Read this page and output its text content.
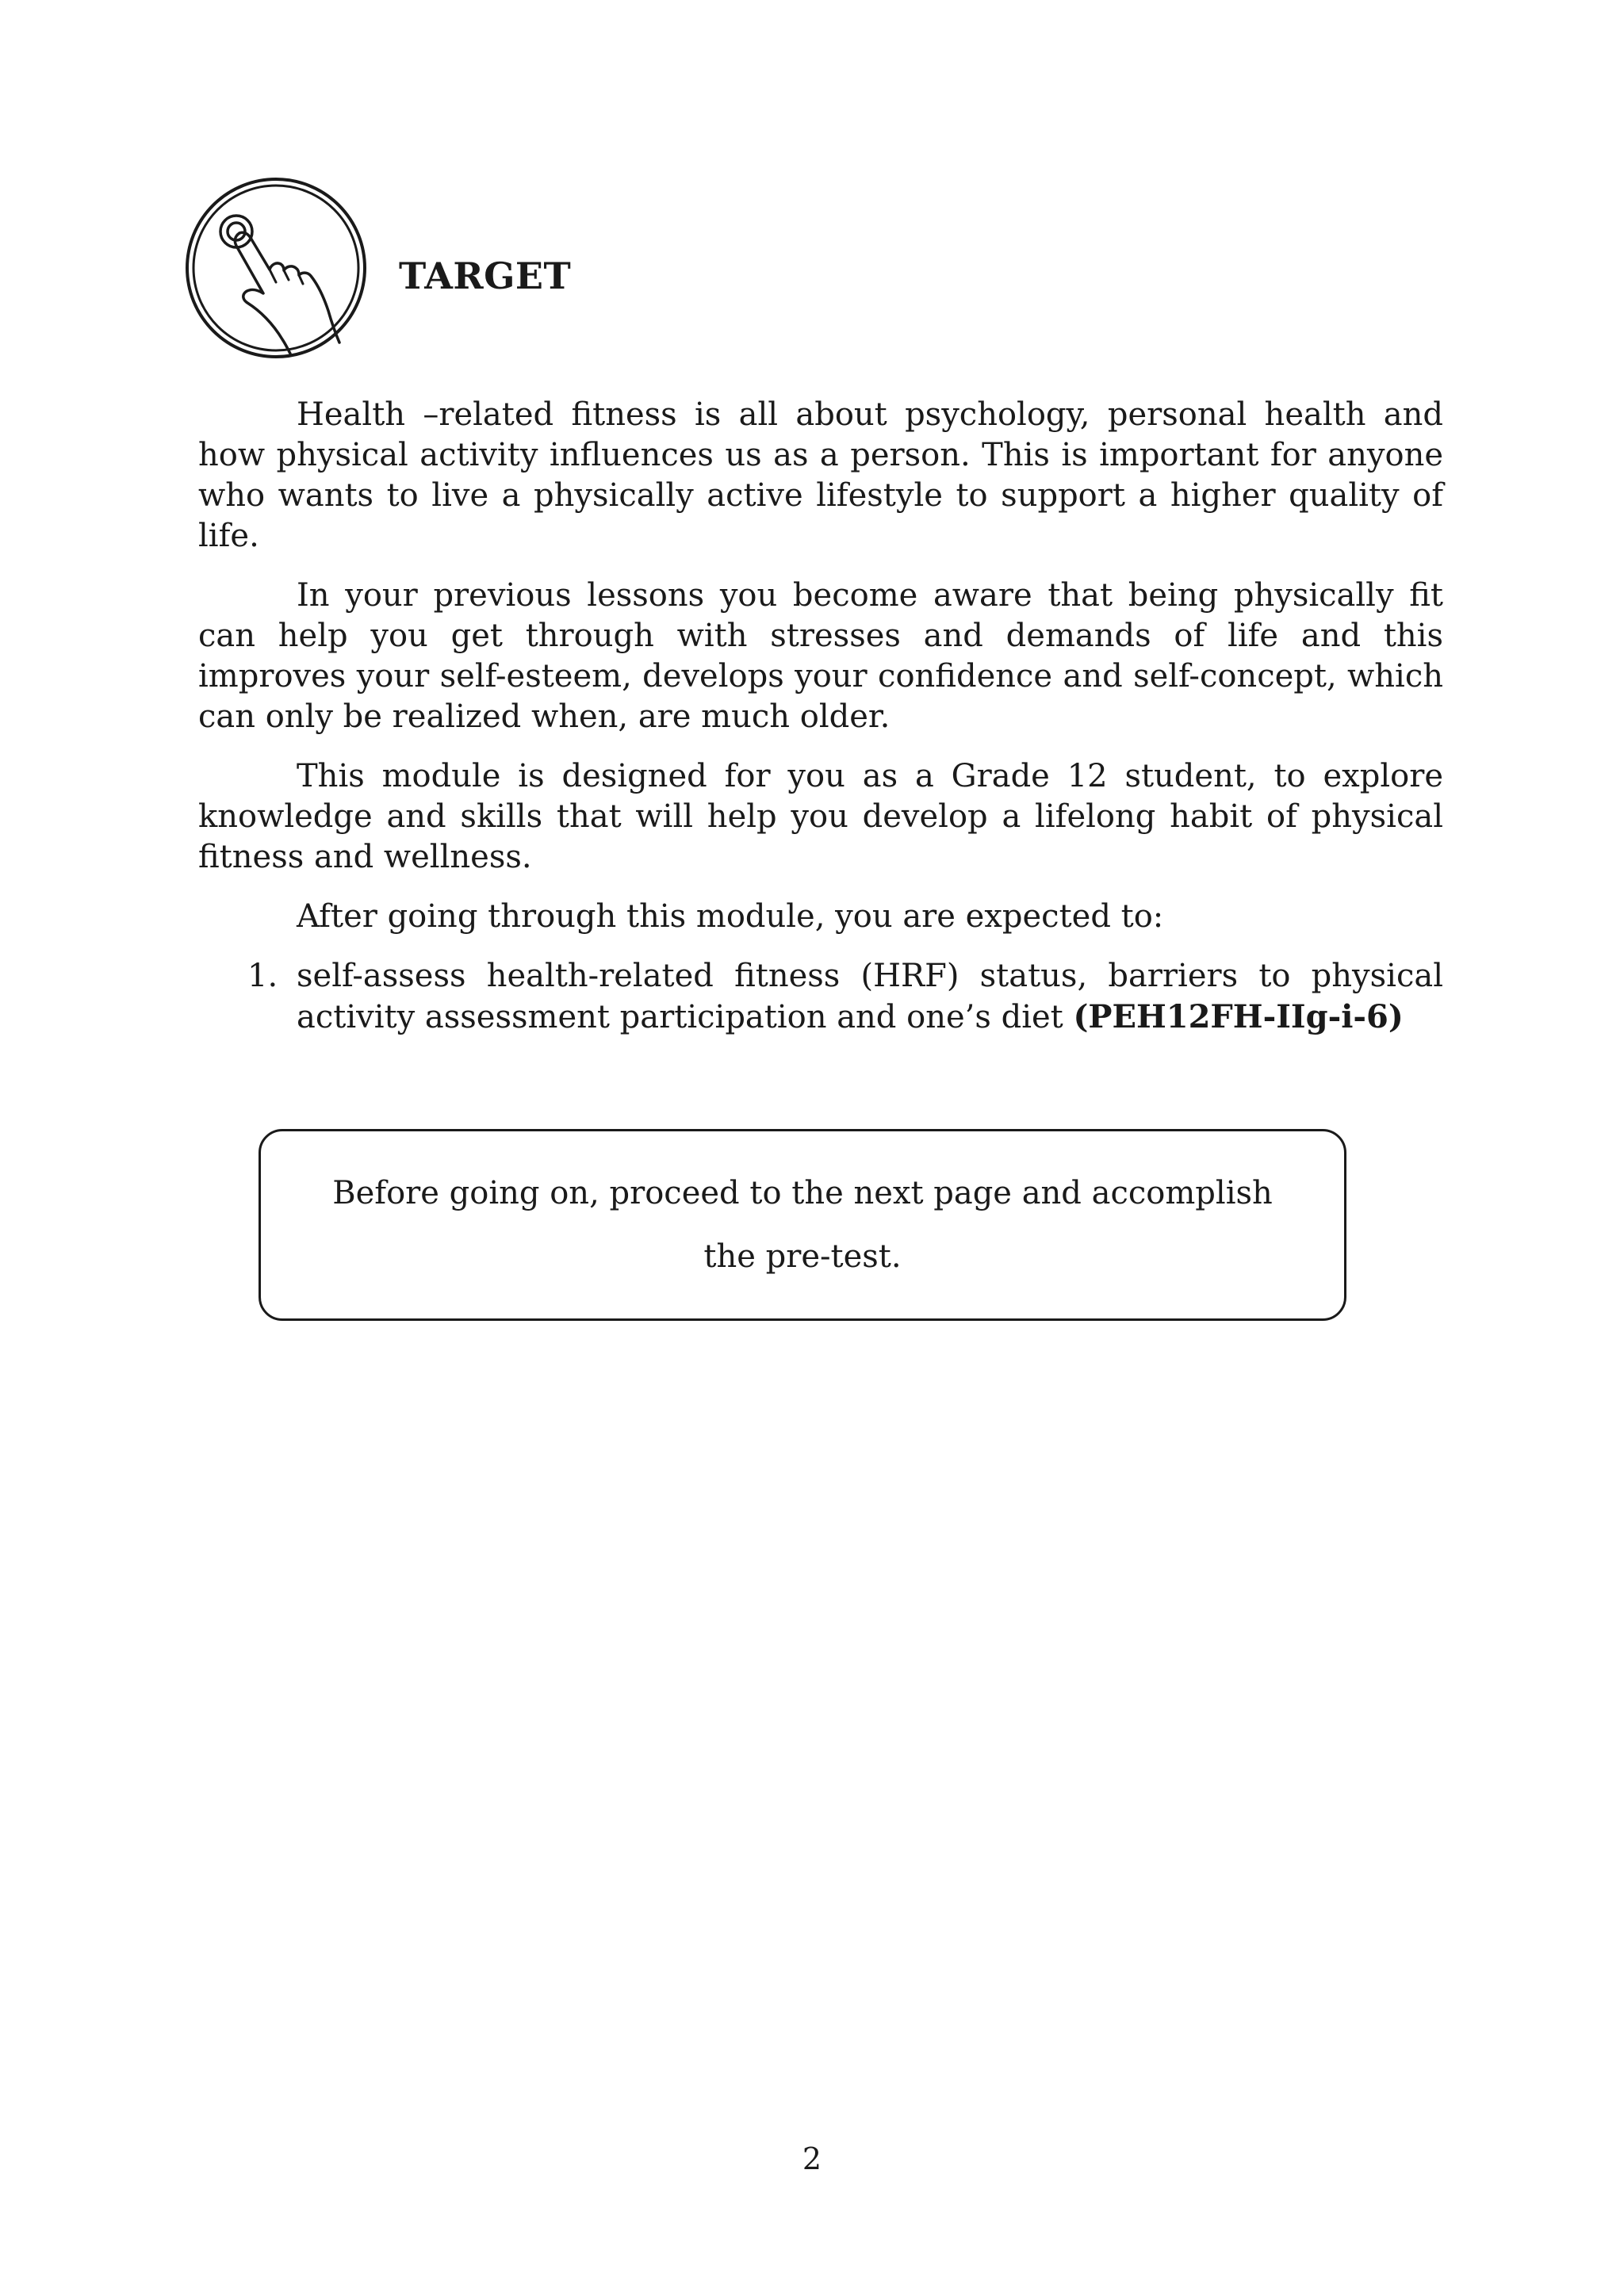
TARGET

Health –related fitness is all about psychology, personal health and how physical activity influences us as a person. This is important for anyone who wants to live a physically active lifestyle to support a higher quality of life.

In your previous lessons you become aware that being physically fit can help you get through with stresses and demands of life and this improves your self-esteem, develops your confidence and self-concept, which can only be realized when, are much older.

This module is designed for you as a Grade 12 student, to explore knowledge and skills that will help you develop a lifelong habit of physical fitness and wellness.

After going through this module, you are expected to:

1. self-assess health-related fitness (HRF) status, barriers to physical activity assessment participation and one’s diet (PEH12FH-IIg-i-6)

Before going on, proceed to the next page and accomplish the pre-test.

2
